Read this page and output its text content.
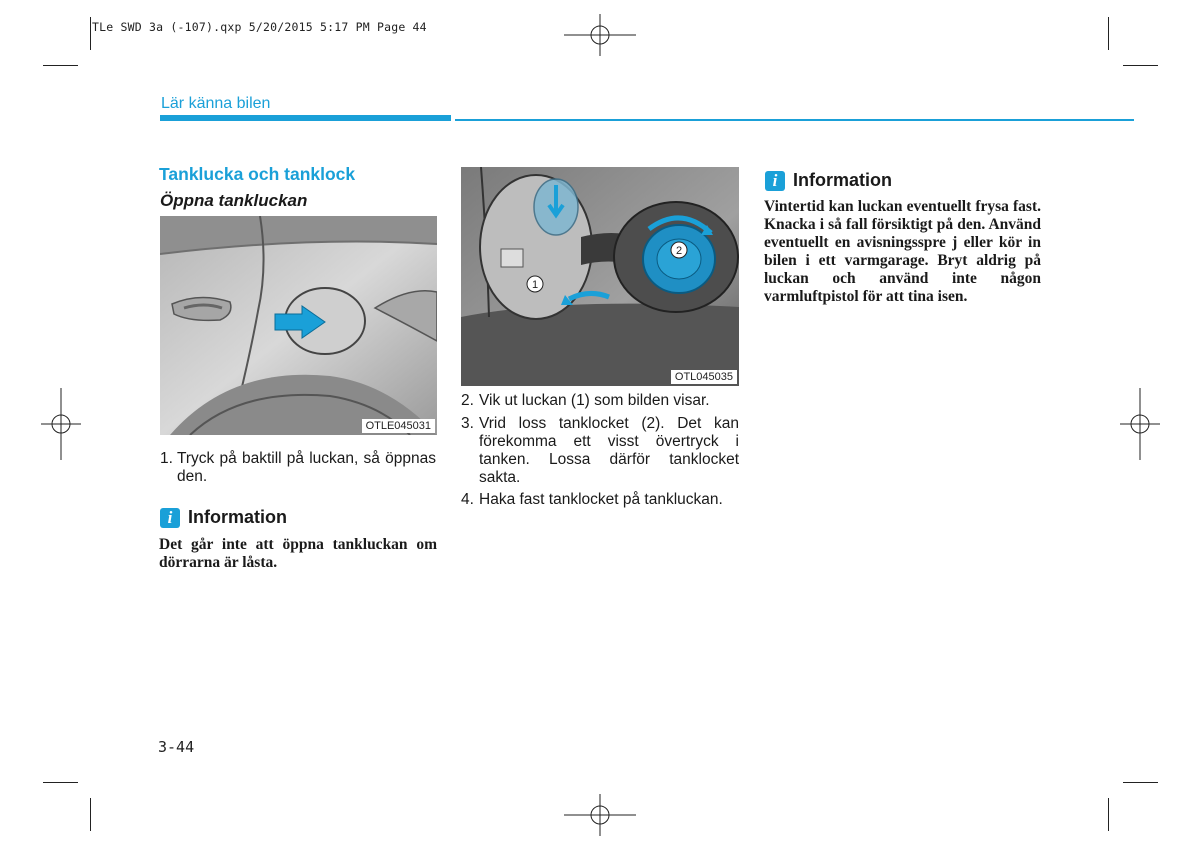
TLe SWD 3a (-107).qxp 5/20/2015 5:17 PM Page 44
Lär känna bilen
Tanklucka och tanklock
Öppna tankluckan
OTLE045031
1. Tryck på baktill på luckan, så öppnas den.
i Information
Det går inte att öppna tankluckan om dörrarna är låsta.
1
2
OTL045035
2. Vik ut luckan (1) som bilden visar.
3. Vrid loss tanklocket (2). Det kan förekomma ett visst övertryck i tanken. Lossa därför tanklocket sakta.
4. Haka fast tanklocket på tankluckan.
i Information
Vintertid kan luckan eventuellt frysa fast. Knacka i så fall försiktigt på den. Använd eventuellt en avisningsspre j eller kör in bilen i ett varmgarage. Bryt aldrig på luckan och använd inte någon varmluftpistol för att tina isen.
3-44
